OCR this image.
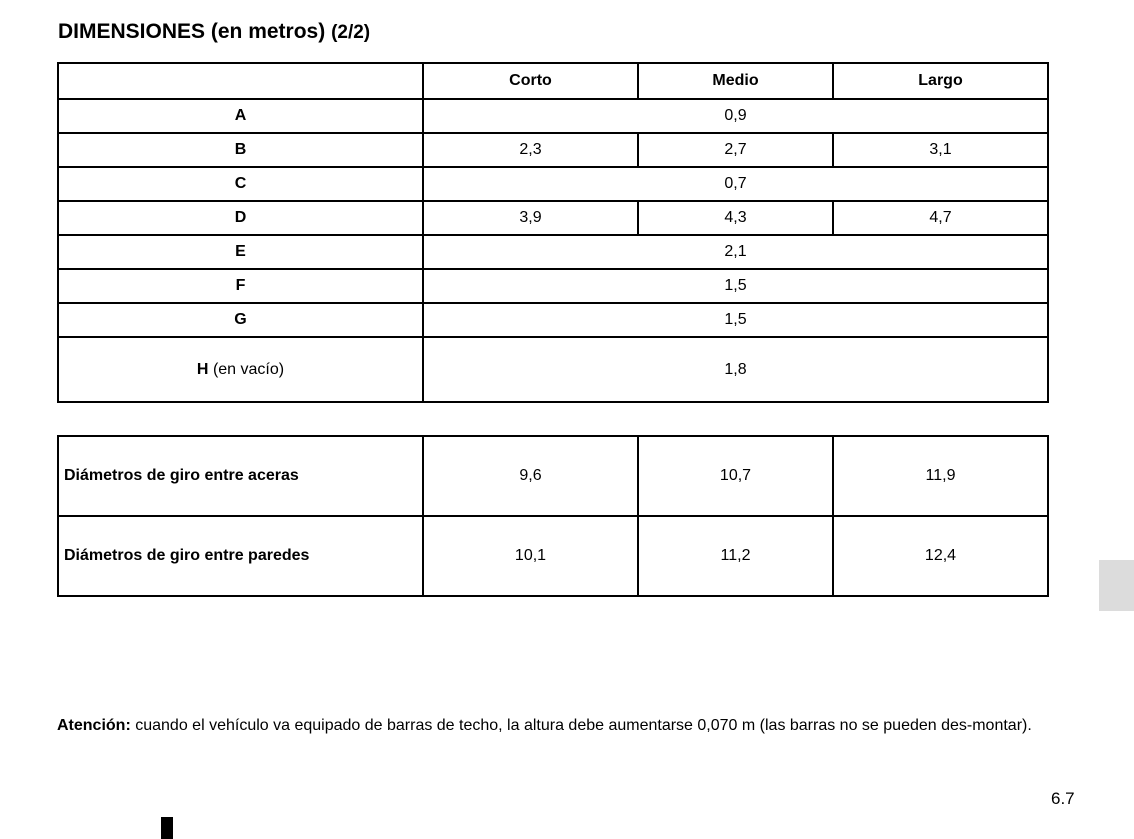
DIMENSIONES (en metros) (2/2)
	Corto	Medio	Largo
A	0,9		
B	2,3	2,7	3,1
C	0,7		
D	3,9	4,3	4,7
E	2,1		
F	1,5		
G	1,5		
H (en vacío)	1,8		
Diámetros de giro entre aceras	9,6	10,7	11,9
Diámetros de giro entre paredes	10,1	11,2	12,4
Atención: cuando el vehículo va equipado de barras de techo, la altura debe aumentarse 0,070 m (las barras no se pueden des-montar).
6.7
